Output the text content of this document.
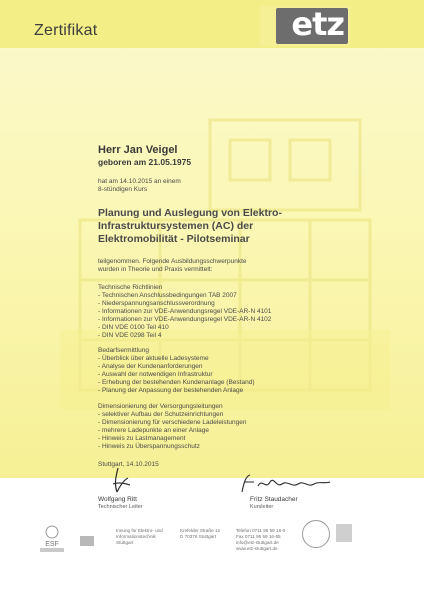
Zertifikat	etz
Herr Jan Veigel
geboren am 21.05.1975
hat am 14.10.2015 an einem
8-stündigen Kurs
Planung und Auslegung von Elektro-
Infrastruktursystemen (AC) der
Elektromobilität - Pilotseminar
teilgenommen. Folgende Ausbildungsschwerpunkte
wurden in Theorie und Praxis vermittelt:
Technische Richtlinien
- Technischen Anschlussbedingungen TAB 2007
- Niederspannungsanschlussverordnung
- Informationen zur VDE-Anwendungsregel VDE-AR-N 4101
- Informationen zur VDE-Anwendungsregel VDE-AR-N 4102
- DIN VDE 0100 Teil 410
- DIN VDE 0298 Teil 4
Bedarfsermittlung
- Überblick über aktuelle Ladesysteme
- Analyse der Kundenanforderungen
- Auswahl der notwendigen Infrastruktur
- Erhebung der bestehenden Kundenanlage (Bestand)
- Planung der Anpassung der bestehenden Anlage
Dimensionierung der Versorgungsleitungen
- selektiver Aufbau der Schutzeinrichtungen
- Dimensionierung für verschiedene Ladeleistungen
- mehrere Ladepunkte an einer Anlage
- Hinweis zu Lastmanagement
- Hinweis zu Überspannungsschutz
Stuttgart, 14.10.2015
Wolfgang Ritt
Technischer Leiter
Fritz Staudacher
Kursleiter
ESF
Innung für Elektro- und
Informationstechnik
Stuttgart
Krefelder Straße 12
D 70376 Stuttgart
Telefon 0711 95 59 16-0
Fax 0711 95 59 16-55
info@etz-stuttgart.de
www.etz-stuttgart.de
